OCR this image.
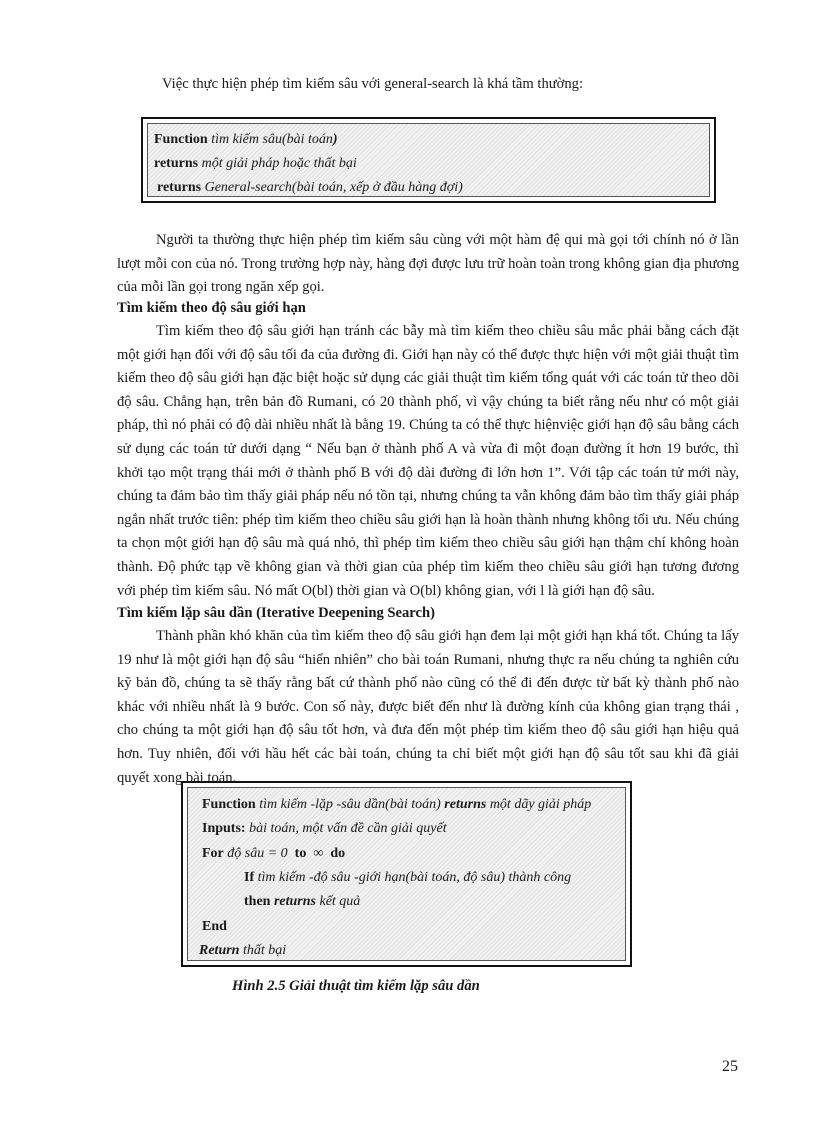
Việc thực hiện phép tìm kiếm sâu với general-search là khá tầm thường:

Function tìm kiếm sâu(bài toán)
returns một giải pháp hoặc thất bại
returns General-search(bài toán, xếp ở đầu hàng đợi)

Người ta thường thực hiện phép tìm kiếm sâu cùng với một hàm đệ qui mà gọi tới chính nó ở lần lượt mỗi con của nó. Trong trường hợp này, hàng đợi được lưu trữ hoàn toàn trong không gian địa phương của mỗi lần gọi trong ngăn xếp gọi.

Tìm kiếm theo độ sâu giới hạn

Tìm kiếm theo độ sâu giới hạn tránh các bẫy mà tìm kiếm theo chiều sâu mắc phải bằng cách đặt một giới hạn đối với độ sâu tối đa của đường đi. Giới hạn này có thể được thực hiện với một giải thuật tìm kiếm theo độ sâu giới hạn đặc biệt hoặc sử dụng các giải thuật tìm kiếm tổng quát với các toán tử theo dõi độ sâu. Chẳng hạn, trên bản đồ Rumani, có 20 thành phố, vì vậy chúng ta biết rằng nếu như có một giải pháp, thì nó phải có độ dài nhiều nhất là bằng 19. Chúng ta có thể thực hiệnviệc giới hạn độ sâu bằng cách sử dụng các toán tử dưới dạng “ Nếu bạn ở thành phố A và vừa đi một đoạn đường ít hơn 19 bước, thì khởi tạo một trạng thái mới ở thành phố B với độ dài đường đi lớn hơn 1”. Với tập các toán tử mới này, chúng ta đảm bảo tìm thấy giải pháp nếu nó tồn tại, nhưng chúng ta vẫn không đảm bảo tìm thấy giải pháp ngắn nhất trước tiên: phép tìm kiếm theo chiều sâu giới hạn là hoàn thành nhưng không tối ưu. Nếu chúng ta chọn một giới hạn độ sâu mà quá nhỏ, thì phép tìm kiếm theo chiều sâu giới hạn thậm chí không hoàn thành. Độ phức tạp về không gian và thời gian của phép tìm kiếm theo chiều sâu giới hạn tương đương với phép tìm kiếm sâu. Nó mất O(bl) thời gian và O(bl) không gian, với l là giới hạn độ sâu.

Tìm kiếm lặp sâu dần (Iterative Deepening Search)

Thành phần khó khăn của tìm kiếm theo độ sâu giới hạn đem lại một giới hạn khá tốt. Chúng ta lấy 19 như là một giới hạn độ sâu “hiển nhiên” cho bài toán Rumani, nhưng thực ra nếu chúng ta nghiên cứu kỹ bản đồ, chúng ta sẽ thấy rằng bất cứ thành phố nào cũng có thể đi đến được từ bất kỳ thành phố nào khác với nhiều nhất là 9 bước. Con số này, được biết đến như là đường kính của không gian trạng thái , cho chúng ta một giới hạn độ sâu tốt hơn, và đưa đến một phép tìm kiếm theo độ sâu giới hạn hiệu quả hơn. Tuy nhiên, đối với hầu hết các bài toán, chúng ta chỉ biết một giới hạn độ sâu tốt sau khi đã giải quyết xong bài toán.

Function tìm kiếm -lặp -sâu dần(bài toán) returns một dãy giải pháp
Inputs: bài toán, một vấn đề cần giải quyết
For độ sâu = 0 to ∞ do
If tìm kiếm -độ sâu -giới hạn(bài toán, độ sâu) thành công
then returns kết quả
End
Return thất bại

Hình 2.5 Giải thuật tìm kiếm lặp sâu dần

25
